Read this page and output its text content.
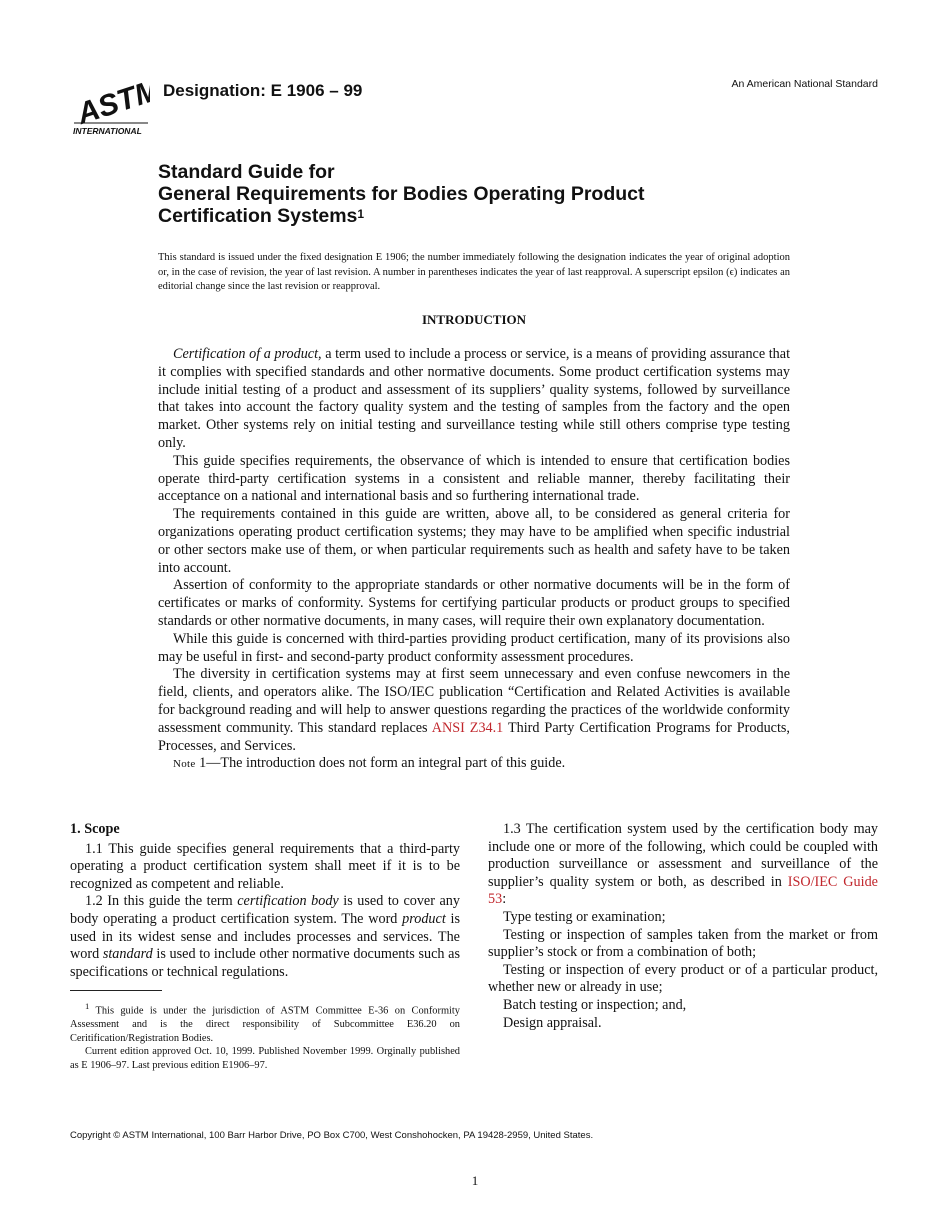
ASTM
INTERNATIONAL
Designation: E 1906 – 99	An American National Standard
Standard Guide for
General Requirements for Bodies Operating Product
Certification Systems$^1$
This standard is issued under the fixed designation E 1906; the number immediately following the designation indicates the year of original adoption or, in the case of revision, the year of last revision. A number in parentheses indicates the year of last reapproval. A superscript epsilon (ϵ) indicates an editorial change since the last revision or reapproval.
INTRODUCTION

Certification of a product, a term used to include a process or service, is a means of providing assurance that it complies with specified standards and other normative documents. Some product certification systems may include initial testing of a product and assessment of its suppliers’ quality systems, followed by surveillance that takes into account the factory quality system and the testing of samples from the factory and the open market. Other systems rely on initial testing and surveillance testing while still others comprise type testing only.

This guide specifies requirements, the observance of which is intended to ensure that certification bodies operate third-party certification systems in a consistent and reliable manner, thereby facilitating their acceptance on a national and international basis and so furthering international trade.

The requirements contained in this guide are written, above all, to be considered as general criteria for organizations operating product certification systems; they may have to be amplified when specific industrial or other sectors make use of them, or when particular requirements such as health and safety have to be taken into account.

Assertion of conformity to the appropriate standards or other normative documents will be in the form of certificates or marks of conformity. Systems for certifying particular products or product groups to specified standards or other normative documents, in many cases, will require their own explanatory documentation.

While this guide is concerned with third-parties providing product certification, many of its provisions also may be useful in first- and second-party product conformity assessment procedures.

The diversity in certification systems may at first seem unnecessary and even confuse newcomers in the field, clients, and operators alike. The ISO/IEC publication “Certification and Related Activities is available for background reading and will help to answer questions regarding the practices of the worldwide conformity assessment community. This standard replaces ANSI Z34.1 Third Party Certification Programs for Products, Processes, and Services.

Note 1—The introduction does not form an integral part of this guide.

1. Scope

1.1 This guide specifies general requirements that a third-party operating a product certification system shall meet if it is to be recognized as competent and reliable.

1.2 In this guide the term certification body is used to cover any body operating a product certification system. The word product is used in its widest sense and includes processes and services. The word standard is used to include other normative documents such as specifications or technical regulations.

1.3 The certification system used by the certification body may include one or more of the following, which could be coupled with production surveillance or assessment and surveillance of the supplier’s quality system or both, as described in ISO/IEC Guide 53:

Type testing or examination;

Testing or inspection of samples taken from the market or from supplier’s stock or from a combination of both;

Testing or inspection of every product or of a particular product, whether new or already in use;

Batch testing or inspection; and,

Design appraisal.

$^1$ This guide is under the jurisdiction of ASTM Committee E-36 on Conformity Assessment and is the direct responsibility of Subcommittee E36.20 on Ceritification/Registration Bodies.

Current edition approved Oct. 10, 1999. Published November 1999. Orginally published as E 1906–97. Last previous edition E1906–97.

Copyright © ASTM International, 100 Barr Harbor Drive, PO Box C700, West Conshohocken, PA 19428-2959, United States.
1
